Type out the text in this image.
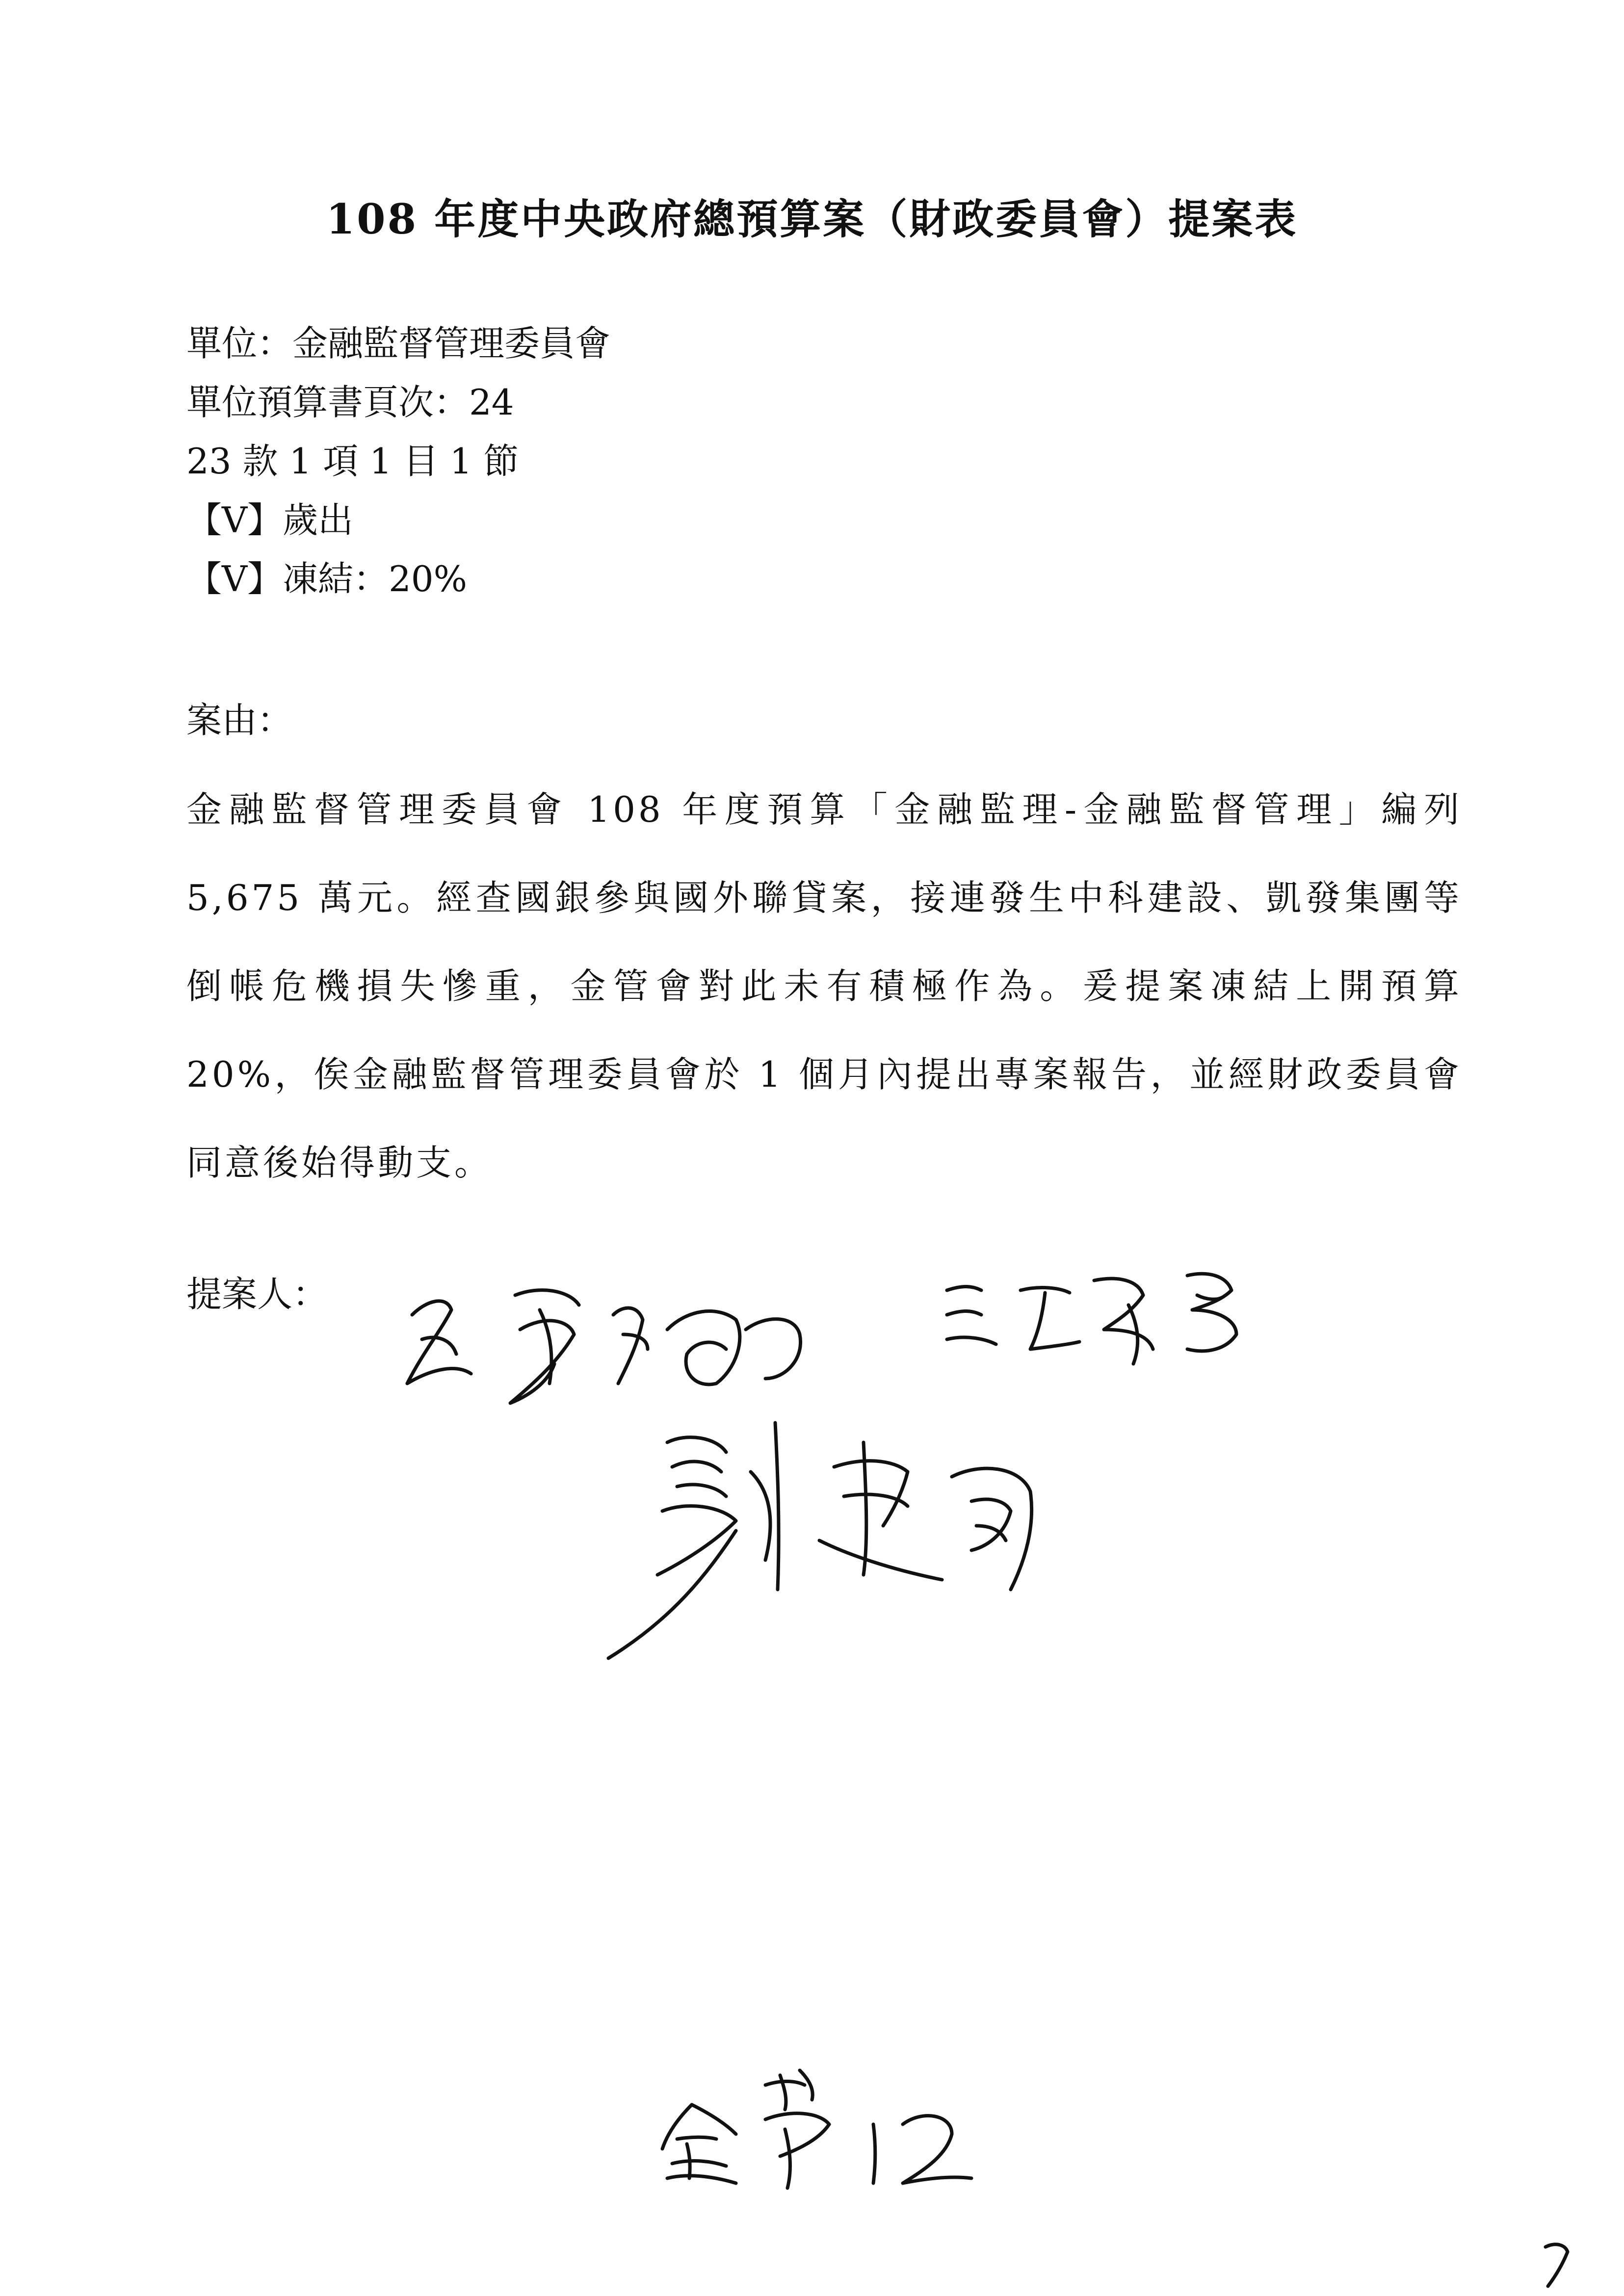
108 年度中央政府總預算案（財政委員會）提案表
單位：金融監督管理委員會
單位預算書頁次：24
23 款 1 項 1 目 1 節
【V】歲出
【V】凍結：20%
案由：
金融監督管理委員會 108 年度預算「金融監理-金融監督管理」編列 5,675 萬元。經查國銀參與國外聯貸案，接連發生中科建設、凱發集團等倒帳危機損失慘重，金管會對此未有積極作為。爰提案凍結上開預算 20%，俟金融監督管理委員會於 1 個月內提出專案報告，並經財政委員會同意後始得動支。
提案人：
